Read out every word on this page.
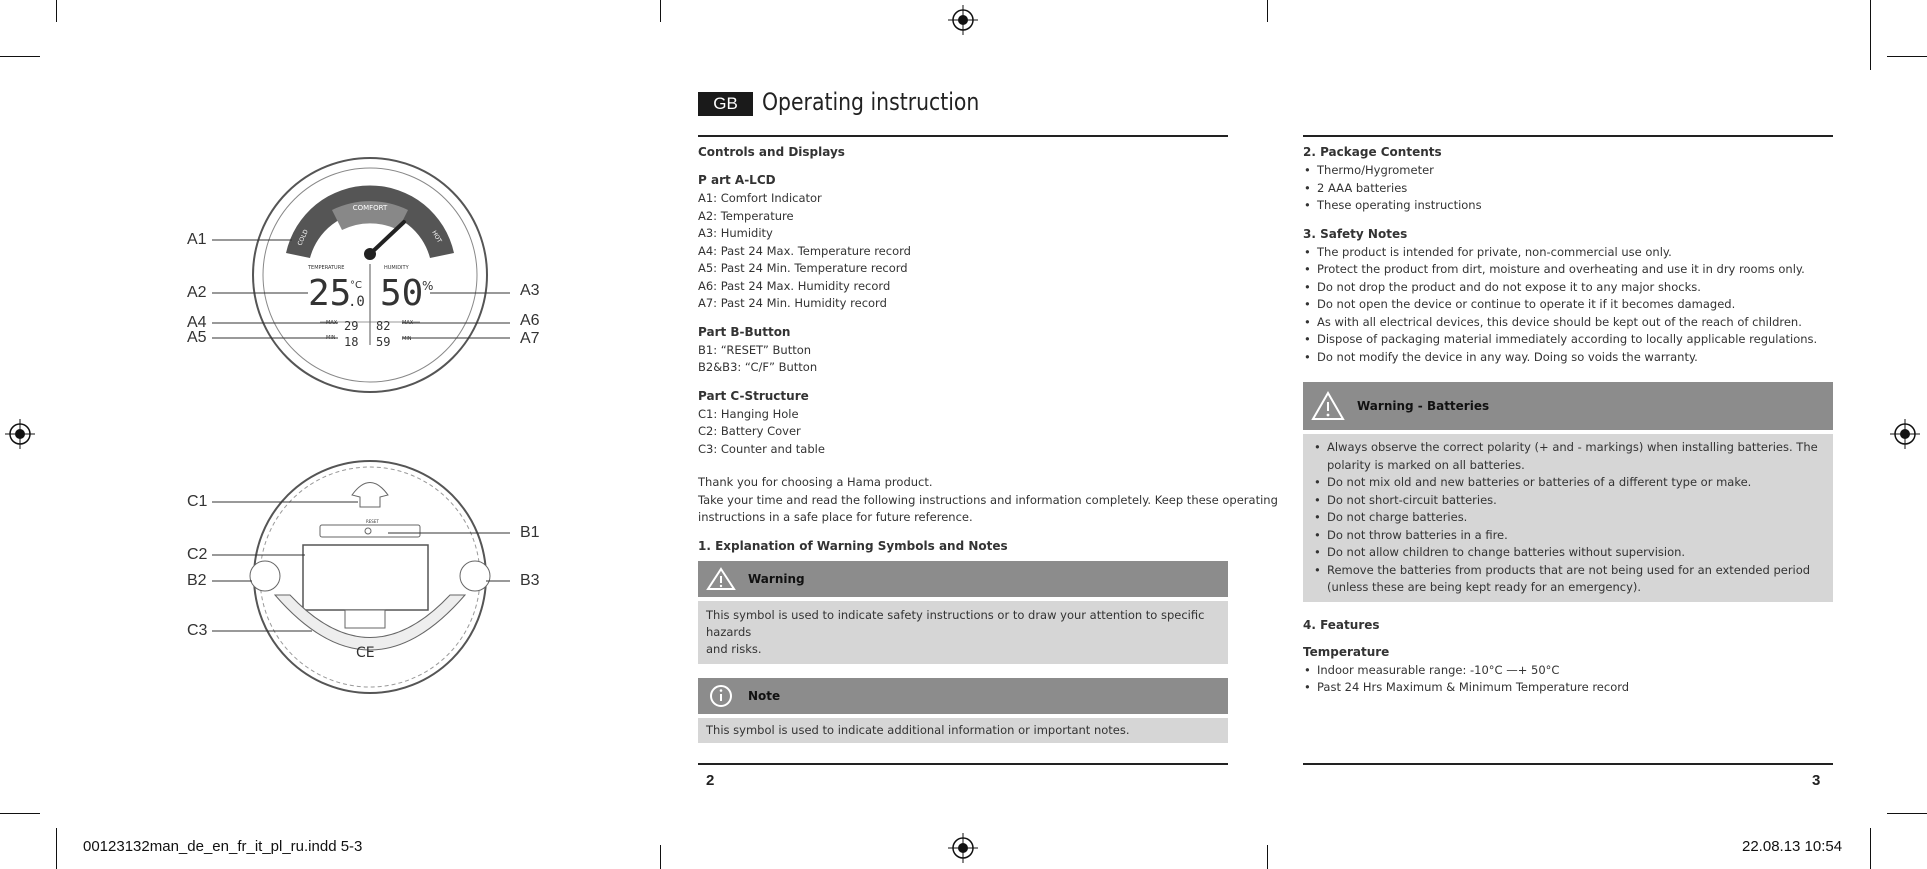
COMFORT
COLD	HOT
TEMPERATURE	HUMIDITY
25
°C
.0 50
%
MAX 29
MIN 18
82 MAX
59 MIN
A1
A2	A3
A4
A5
A6
A7
RESET
CE
C1
B1
C2
B2	B3
C3
GB	Operating instruction

Controls and Displays

P art A-LCD

A1: Comfort Indicator

A2: Temperature

A3: Humidity

A4: Past 24 Max. Temperature record

A5: Past 24 Min. Temperature record

A6: Past 24 Max. Humidity record

A7: Past 24 Min. Humidity record

Part B-Button

B1: “RESET” Button

B2&B3: “C/F” Button

Part C-Structure

C1: Hanging Hole

C2: Battery Cover

C3: Counter and table

Thank you for choosing a Hama product.

Take your time and read the following instructions and information completely. Keep these operating

instructions in a safe place for future reference.

1. Explanation of Warning Symbols and Notes

Warning
This symbol is used to indicate safety instructions or to draw your attention to specific hazards
and risks.
Note
This symbol is used to indicate additional information or important notes.
2

2. Package Contents

• Thermo/Hygrometer
• 2 AAA batteries
• These operating instructions

3. Safety Notes

• The product is intended for private, non-commercial use only.
• Protect the product from dirt, moisture and overheating and use it in dry rooms only.
• Do not drop the product and do not expose it to any major shocks.
• Do not open the device or continue to operate it if it becomes damaged.
• As with all electrical devices, this device should be kept out of the reach of children.
• Dispose of packaging material immediately according to locally applicable regulations.
• Do not modify the device in any way. Doing so voids the warranty.
Warning - Batteries
• Always observe the correct polarity (+ and - markings) when installing batteries. The polarity is marked on all batteries.
• Do not mix old and new batteries or batteries of a different type or make.
• Do not short-circuit batteries.
• Do not charge batteries.
• Do not throw batteries in a fire.
• Do not allow children to change batteries without supervision.
• Remove the batteries from products that are not being used for an extended period (unless these are being kept ready for an emergency).

4. Features

Temperature

• Indoor measurable range: -10°C —+ 50°C
• Past 24 Hrs Maximum & Minimum Temperature record
3
00123132man_de_en_fr_it_pl_ru.indd 5-3	22.08.13 10:54
